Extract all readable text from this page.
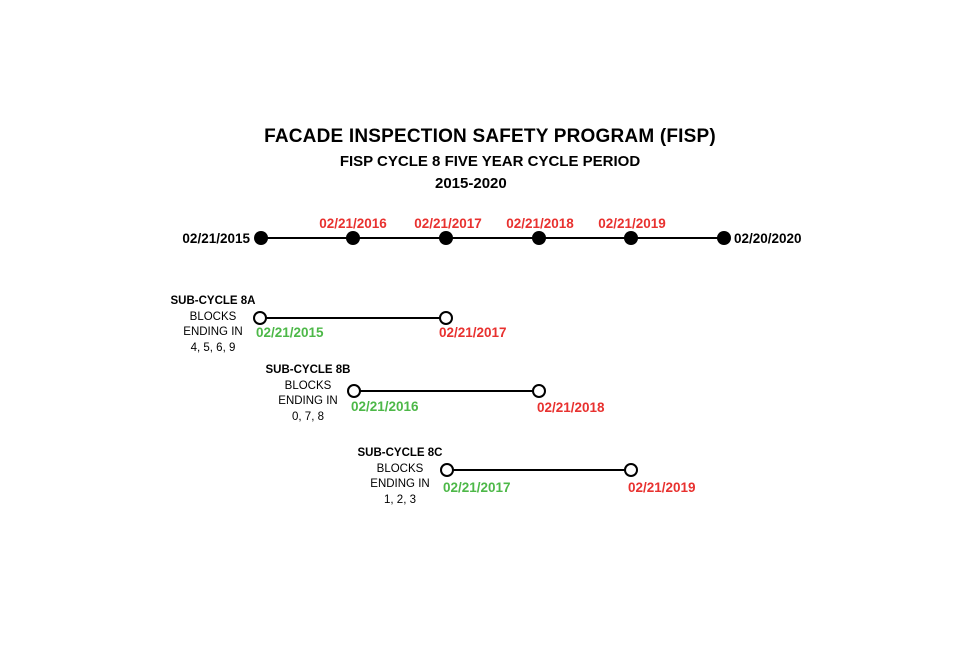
FACADE INSPECTION SAFETY PROGRAM (FISP)
FISP CYCLE 8 FIVE YEAR CYCLE PERIOD
2015-2020
02/21/2015	02/20/2020
02/21/2016 02/21/2017 02/21/2018 02/21/2019
SUB-CYCLE 8A
BLOCKS
ENDING IN
4, 5, 6, 9
02/21/2015	02/21/2017
SUB-CYCLE 8B
BLOCKS
ENDING IN
0, 7, 8
02/21/2016	02/21/2018
SUB-CYCLE 8C
BLOCKS
ENDING IN
1, 2, 3
02/21/2017	02/21/2019
